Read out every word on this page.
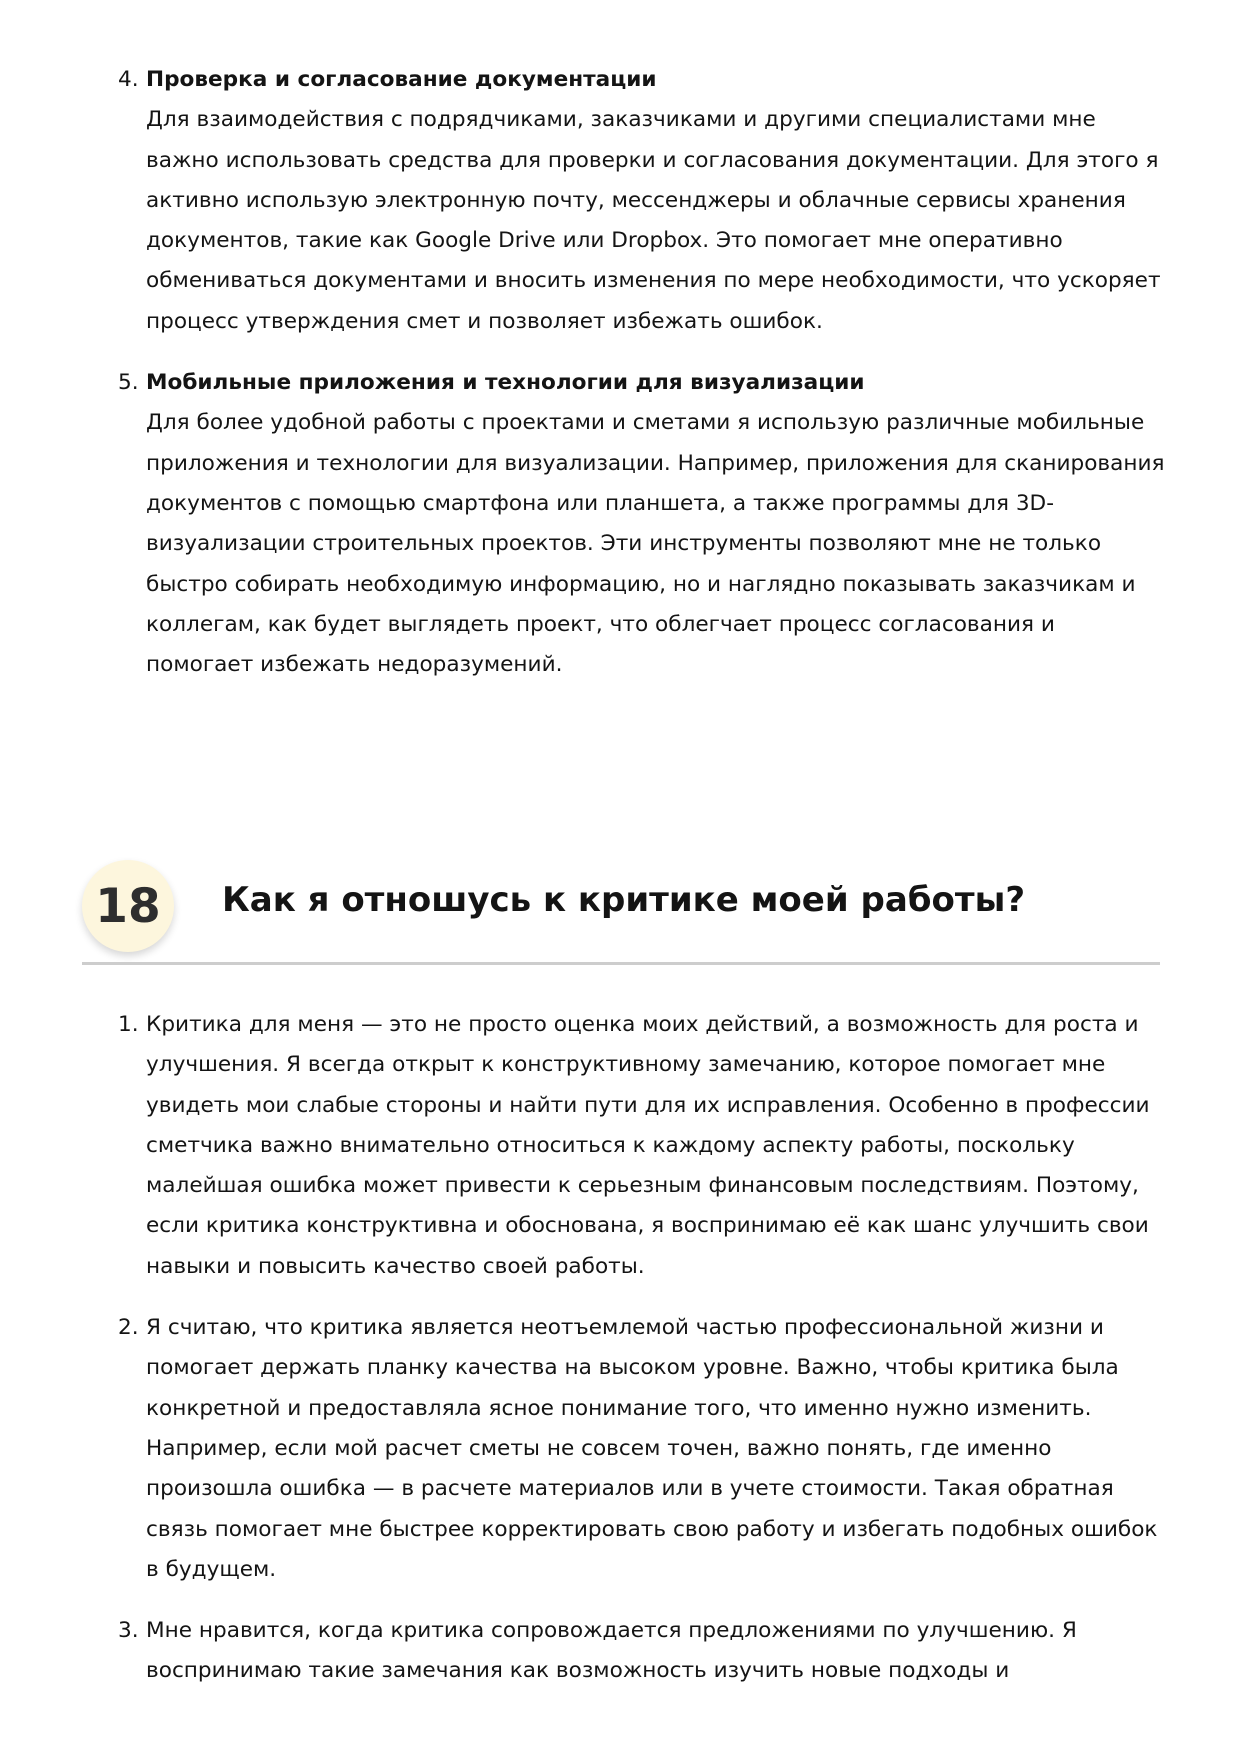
4. Проверка и согласование документации
Для взаимодействия с подрядчиками, заказчиками и другими специалистами мне важно использовать средства для проверки и согласования документации. Для этого я активно использую электронную почту, мессенджеры и облачные сервисы хранения документов, такие как Google Drive или Dropbox. Это помогает мне оперативно обмениваться документами и вносить изменения по мере необходимости, что ускоряет процесс утверждения смет и позволяет избежать ошибок.
5. Мобильные приложения и технологии для визуализации
Для более удобной работы с проектами и сметами я использую различные мобильные приложения и технологии для визуализации. Например, приложения для сканирования документов с помощью смартфона или планшета, а также программы для 3D-визуализации строительных проектов. Эти инструменты позволяют мне не только быстро собирать необходимую информацию, но и наглядно показывать заказчикам и коллегам, как будет выглядеть проект, что облегчает процесс согласования и помогает избежать недоразумений.
18	Как я отношусь к критике моей работы?
1. Критика для меня — это не просто оценка моих действий, а возможность для роста и улучшения. Я всегда открыт к конструктивному замечанию, которое помогает мне увидеть мои слабые стороны и найти пути для их исправления. Особенно в профессии сметчика важно внимательно относиться к каждому аспекту работы, поскольку малейшая ошибка может привести к серьезным финансовым последствиям. Поэтому, если критика конструктивна и обоснована, я воспринимаю её как шанс улучшить свои навыки и повысить качество своей работы.
2. Я считаю, что критика является неотъемлемой частью профессиональной жизни и помогает держать планку качества на высоком уровне. Важно, чтобы критика была конкретной и предоставляла ясное понимание того, что именно нужно изменить. Например, если мой расчет сметы не совсем точен, важно понять, где именно произошла ошибка — в расчете материалов или в учете стоимости. Такая обратная связь помогает мне быстрее корректировать свою работу и избегать подобных ошибок в будущем.
3. Мне нравится, когда критика сопровождается предложениями по улучшению. Я воспринимаю такие замечания как возможность изучить новые подходы и
